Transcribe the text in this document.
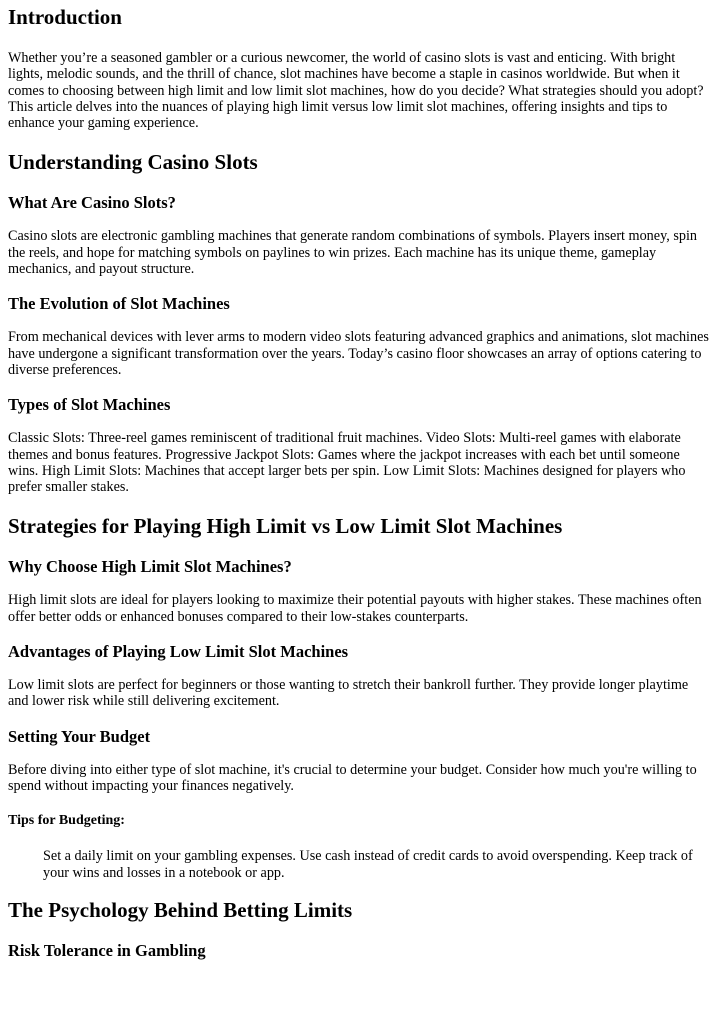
Introduction

Whether you’re a seasoned gambler or a curious newcomer, the world of casino slots is vast and enticing. With bright lights, melodic sounds, and the thrill of chance, slot machines have become a staple in casinos worldwide. But when it comes to choosing between high limit and low limit slot machines, how do you decide? What strategies should you adopt? This article delves into the nuances of playing high limit versus low limit slot machines, offering insights and tips to enhance your gaming experience.

Understanding Casino Slots
What Are Casino Slots?

Casino slots are electronic gambling machines that generate random combinations of symbols. Players insert money, spin the reels, and hope for matching symbols on paylines to win prizes. Each machine has its unique theme, gameplay mechanics, and payout structure.

The Evolution of Slot Machines

From mechanical devices with lever arms to modern video slots featuring advanced graphics and animations, slot machines have undergone a significant transformation over the years. Today’s casino floor showcases an array of options catering to diverse preferences.

Types of Slot Machines

Classic Slots: Three-reel games reminiscent of traditional fruit machines. Video Slots: Multi-reel games with elaborate themes and bonus features. Progressive Jackpot Slots: Games where the jackpot increases with each bet until someone wins. High Limit Slots: Machines that accept larger bets per spin. Low Limit Slots: Machines designed for players who prefer smaller stakes.

Strategies for Playing High Limit vs Low Limit Slot Machines
Why Choose High Limit Slot Machines?

High limit slots are ideal for players looking to maximize their potential payouts with higher stakes. These machines often offer better odds or enhanced bonuses compared to their low-stakes counterparts.

Advantages of Playing Low Limit Slot Machines

Low limit slots are perfect for beginners or those wanting to stretch their bankroll further. They provide longer playtime and lower risk while still delivering excitement.

Setting Your Budget

Before diving into either type of slot machine, it's crucial to determine your budget. Consider how much you're willing to spend without impacting your finances negatively.

Tips for Budgeting:

Set a daily limit on your gambling expenses. Use cash instead of credit cards to avoid overspending. Keep track of your wins and losses in a notebook or app.

The Psychology Behind Betting Limits
Risk Tolerance in Gambling
